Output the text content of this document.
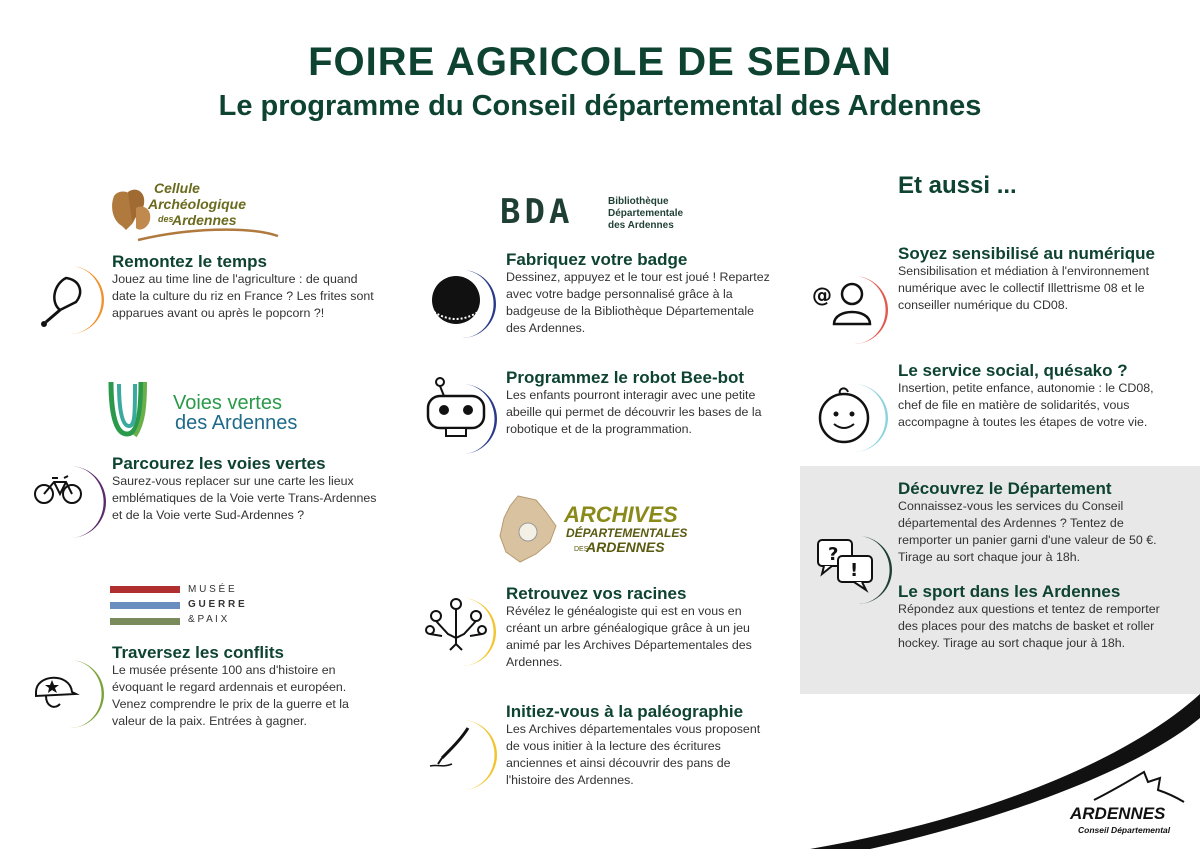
FOIRE AGRICOLE DE SEDAN
Le programme du Conseil départemental des Ardennes
Cellule
Archéologique
des
Ardennes
Remontez le temps
Jouez au time line de l'agriculture : de quand date la culture du riz en France ? Les frites sont apparues avant ou après le popcorn ?!
Voies vertes
des Ardennes
Parcourez les voies vertes
Saurez-vous replacer sur une carte les lieux emblématiques de la Voie verte Trans-Ardennes et de la Voie verte Sud-Ardennes ?
M U S É E
G U E R R E
& P A I X
Traversez les conflits
Le musée présente 100 ans d'histoire en évoquant le regard ardennais et européen. Venez comprendre le prix de la guerre et la valeur de la paix. Entrées à gagner.
BDA	Bibliothèque
Départementale
des Ardennes
Fabriquez votre badge
Dessinez, appuyez et le tour est joué ! Repartez avec votre badge personnalisé grâce à la badgeuse de la Bibliothèque Départementale des Ardennes.
Programmez le robot Bee-bot
Les enfants pourront interagir avec une petite abeille qui permet de découvrir les bases de la robotique et de la programmation.
ARCHIVES
DÉPARTEMENTALES
DES
ARDENNES
Retrouvez vos racines
Révélez le généalogiste qui est en vous en créant un arbre généalogique grâce à un jeu animé par les Archives Départementales des Ardennes.
Initiez-vous à la paléographie
Les Archives départementales vous proposent de vous initier à la lecture des écritures anciennes et ainsi découvrir des pans de l'histoire des Ardennes.
Et aussi ...
@
Soyez sensibilisé au numérique
Sensibilisation et médiation à l'environnement numérique avec le collectif Illettrisme 08 et le conseiller numérique du CD08.
Le service social, quésako ?
Insertion, petite enfance, autonomie : le CD08, chef de file en matière de solidarités, vous accompagne à toutes les étapes de votre vie.
?
!
Découvrez le Département
Connaissez-vous les services du Conseil départemental des Ardennes ? Tentez de remporter un panier garni d'une valeur de 50 €. Tirage au sort chaque jour à 18h.
Le sport dans les Ardennes
Répondez aux questions et tentez de remporter des places pour des matchs de basket et roller hockey. Tirage au sort chaque jour à 18h.
ARDENNES
Conseil Départemental
